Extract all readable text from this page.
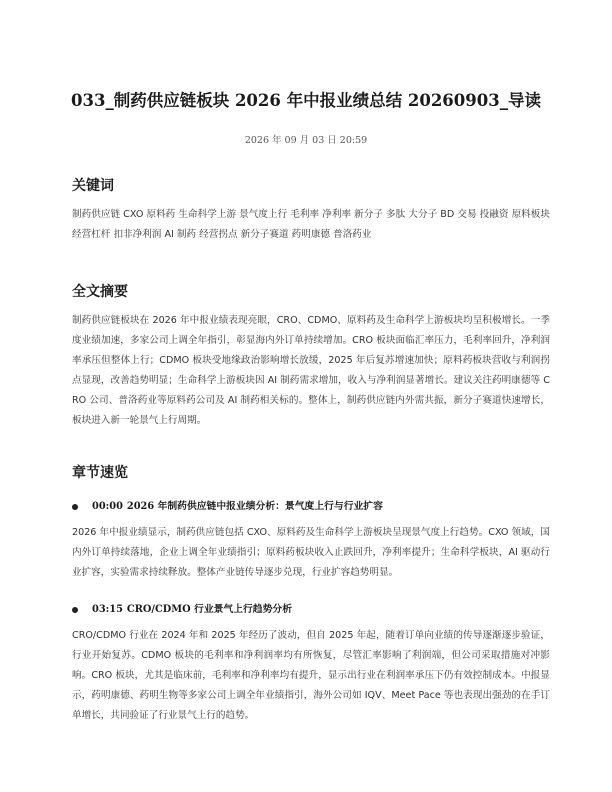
033_制药供应链板块 2026 年中报业绩总结 20260903_导读
2026 年 09 月 03 日 20:59
关键词
制药供应链 CXO 原料药 生命科学上游 景气度上行 毛利率 净利率 新分子 多肽 大分子 BD 交易 投融资 原料板块 经营杠杆 扣非净利润 AI 制药 经营拐点 新分子赛道 药明康德 普洛药业
全文摘要
制药供应链板块在 2026 年中报业绩表现亮眼，CRO、CDMO、原料药及生命科学上游板块均呈积极增长。一季度业绩加速，多家公司上调全年指引，彰显海内外订单持续增加。CRO 板块面临汇率压力，毛利率回升，净利润率承压但整体上行；CDMO 板块受地缘政治影响增长放缓，2025 年后复苏增速加快；原料药板块营收与利润拐点显现，改善趋势明显；生命科学上游板块因 AI 制药需求增加，收入与净利润显著增长。建议关注药明康德等 CRO 公司、普洛药业等原料药公司及 AI 制药相关标的。整体上，制药供应链内外需共振，新分子赛道快速增长，板块进入新一轮景气上行周期。
章节速览
00:00 2026 年制药供应链中报业绩分析：景气度上行与行业扩容
2026 年中报业绩显示，制药供应链包括 CXO、原料药及生命科学上游板块呈现景气度上行趋势。CXO 领域，国内外订单持续落地，企业上调全年业绩指引；原料药板块收入止跌回升，净利率提升；生命科学板块，AI 驱动行业扩容，实验需求持续释放。整体产业链传导逐步兑现，行业扩容趋势明显。
03:15 CRO/CDMO 行业景气上行趋势分析
CRO/CDMO 行业在 2024 年和 2025 年经历了波动，但自 2025 年起，随着订单向业绩的传导逐渐逐步验证，行业开始复苏。CDMO 板块的毛利率和净利润率均有所恢复，尽管汇率影响了利润端，但公司采取措施对冲影响。CRO 板块，尤其是临床前，毛利率和净利率均有提升，显示出行业在利润率承压下仍有效控制成本。中报显示，药明康德、药明生物等多家公司上调全年业绩指引，海外公司如 IQV、Meet Pace 等也表现出强劲的在手订单增长，共同验证了行业景气上行的趋势。
